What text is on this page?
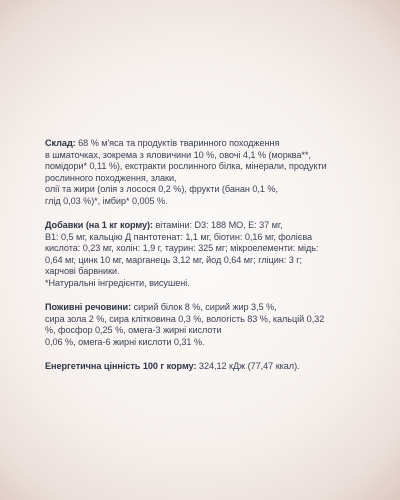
Склад: 68 % м'яса та продуктів тваринного походження
в шматочках, зокрема з яловичини 10 %, овочі 4,1 % (морква**,
помідори* 0,11 %), екстракти рослинного білка, мінерали, продукти
рослинного походження, злаки,
олії та жири (олія з лосося 0,2 %), фрукти (банан 0,1 %,
глід 0,03 %)*, імбир* 0,005 %.
Добавки (на 1 кг корму): вітаміни: D3: 188 МО, E: 37 мг,
B1: 0,5 мг, кальцію Д пантотенат: 1,1 мг, біотин: 0,16 мг, фолієва
кислота: 0,23 мг, холін: 1,9 г, таурин: 325 мг; мікроелементи: мідь:
0,64 мг, цинк 10 мг, марганець 3,12 мг, йод 0,64 мг; гліцин: 3 г;
харчові барвники.
*Натуральні інгредієнти, висушені.
Поживні речовини: сирий білок 8 %, сирий жир 3,5 %,
сира зола 2 %, сира клітковина 0,3 %, вологість 83 %, кальцій 0,32
%, фосфор 0,25 %, омега-3 жирні кислоти
0,06 %, омега-6 жирні кислоти 0,31 %.
Енергетична цінність 100 г корму: 324,12 кДж (77,47 ккал).
